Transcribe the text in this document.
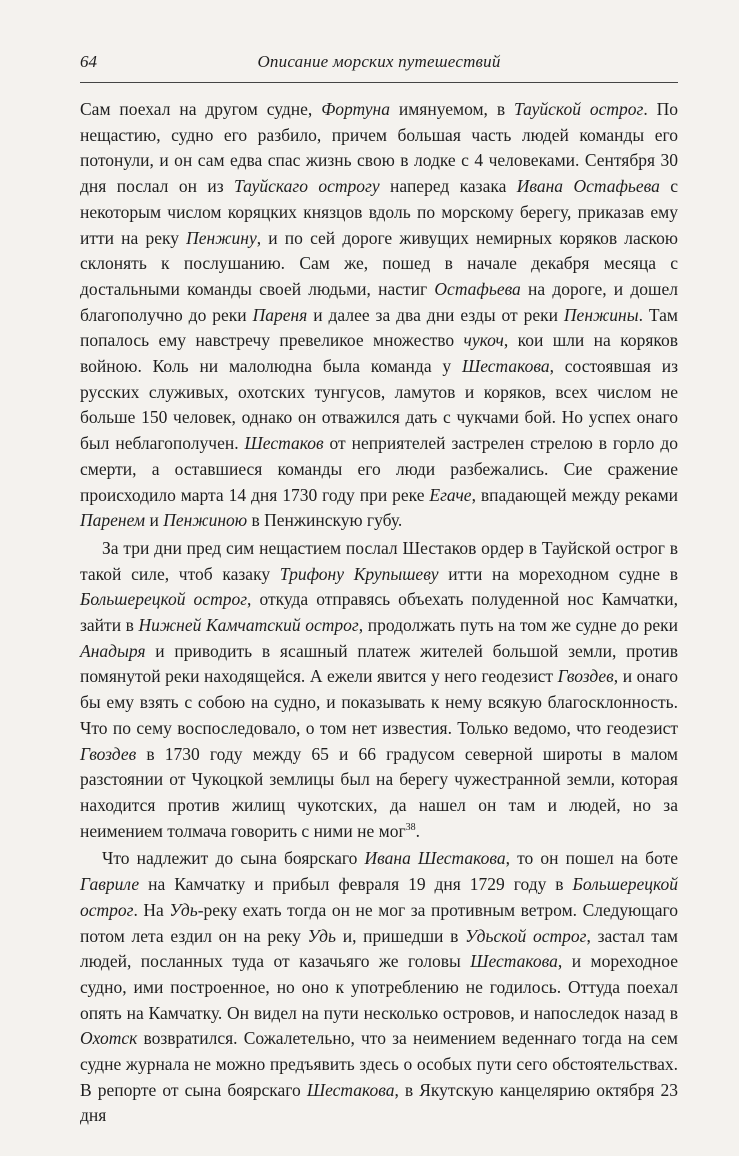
64	Описание морских путешествий

Сам поехал на другом судне, Фортуна имянуемом, в Тауйской острог. По нещастию, судно его разбило, причем большая часть людей команды его потонули, и он сам едва спас жизнь свою в лодке с 4 человеками. Сентября 30 дня послал он из Тауйскаго острогу наперед казака Ивана Остафьева с некоторым числом коряцких князцов вдоль по морскому берегу, приказав ему итти на реку Пенжину, и по сей дороге живущих немирных коряков ласкою склонять к послушанию. Сам же, пошед в начале декабря месяца с достальными команды своей людьми, настиг Остафьева на дороге, и дошел благополучно до реки Пареня и далее за два дни езды от реки Пенжины. Там попалось ему навстречу превеликое множество чукоч, кои шли на коряков войною. Коль ни малолюдна была команда у Шестакова, состоявшая из русских служивых, охотских тунгусов, ламутов и коряков, всех числом не больше 150 человек, однако он отважился дать с чукчами бой. Но успех онаго был неблагополучен. Шестаков от неприятелей застрелен стрелою в горло до смерти, а оставшиеся команды его люди разбежались. Сие сражение происходило марта 14 дня 1730 году при реке Егаче, впадающей между реками Паренем и Пенжиною в Пенжинскую губу.

За три дни пред сим нещастием послал Шестаков ордер в Тауйской острог в такой силе, чтоб казаку Трифону Крупышеву итти на мореходном судне в Большерецкой острог, откуда отправясь объехать полуденной нос Камчатки, зайти в Нижней Камчатский острог, продолжать путь на том же судне до реки Анадыря и приводить в ясашный платеж жителей большой земли, против помянутой реки находящейся. А ежели явится у него геодезист Гвоздев, и онаго бы ему взять с собою на судно, и показывать к нему всякую благосклонность. Что по сему воспоследовало, о том нет известия. Только ведомо, что геодезист Гвоздев в 1730 году между 65 и 66 градусом северной широты в малом разстоянии от Чукоцкой землицы был на берегу чужестранной земли, которая находится против жилищ чукотских, да нашел он там и людей, но за неимением толмача говорить с ними не мог$^{38}$.

Что надлежит до сына боярскаго Ивана Шестакова, то он пошел на боте Гавриле на Камчатку и прибыл февраля 19 дня 1729 году в Большерецкой острог. На Удь-реку ехать тогда он не мог за противным ветром. Следующаго потом лета ездил он на реку Удь и, пришедши в Удьской острог, застал там людей, посланных туда от казачьяго же головы Шестакова, и мореходное судно, ими построенное, но оно к употреблению не годилось. Оттуда поехал опять на Камчатку. Он видел на пути несколько островов, и напоследок назад в Охотск возвратился. Сожалетельно, что за неимением веденнаго тогда на сем судне журнала не можно предъявить здесь о особых пути сего обстоятельствах. В репорте от сына боярскаго Шестакова, в Якутскую канцелярию октября 23 дня
